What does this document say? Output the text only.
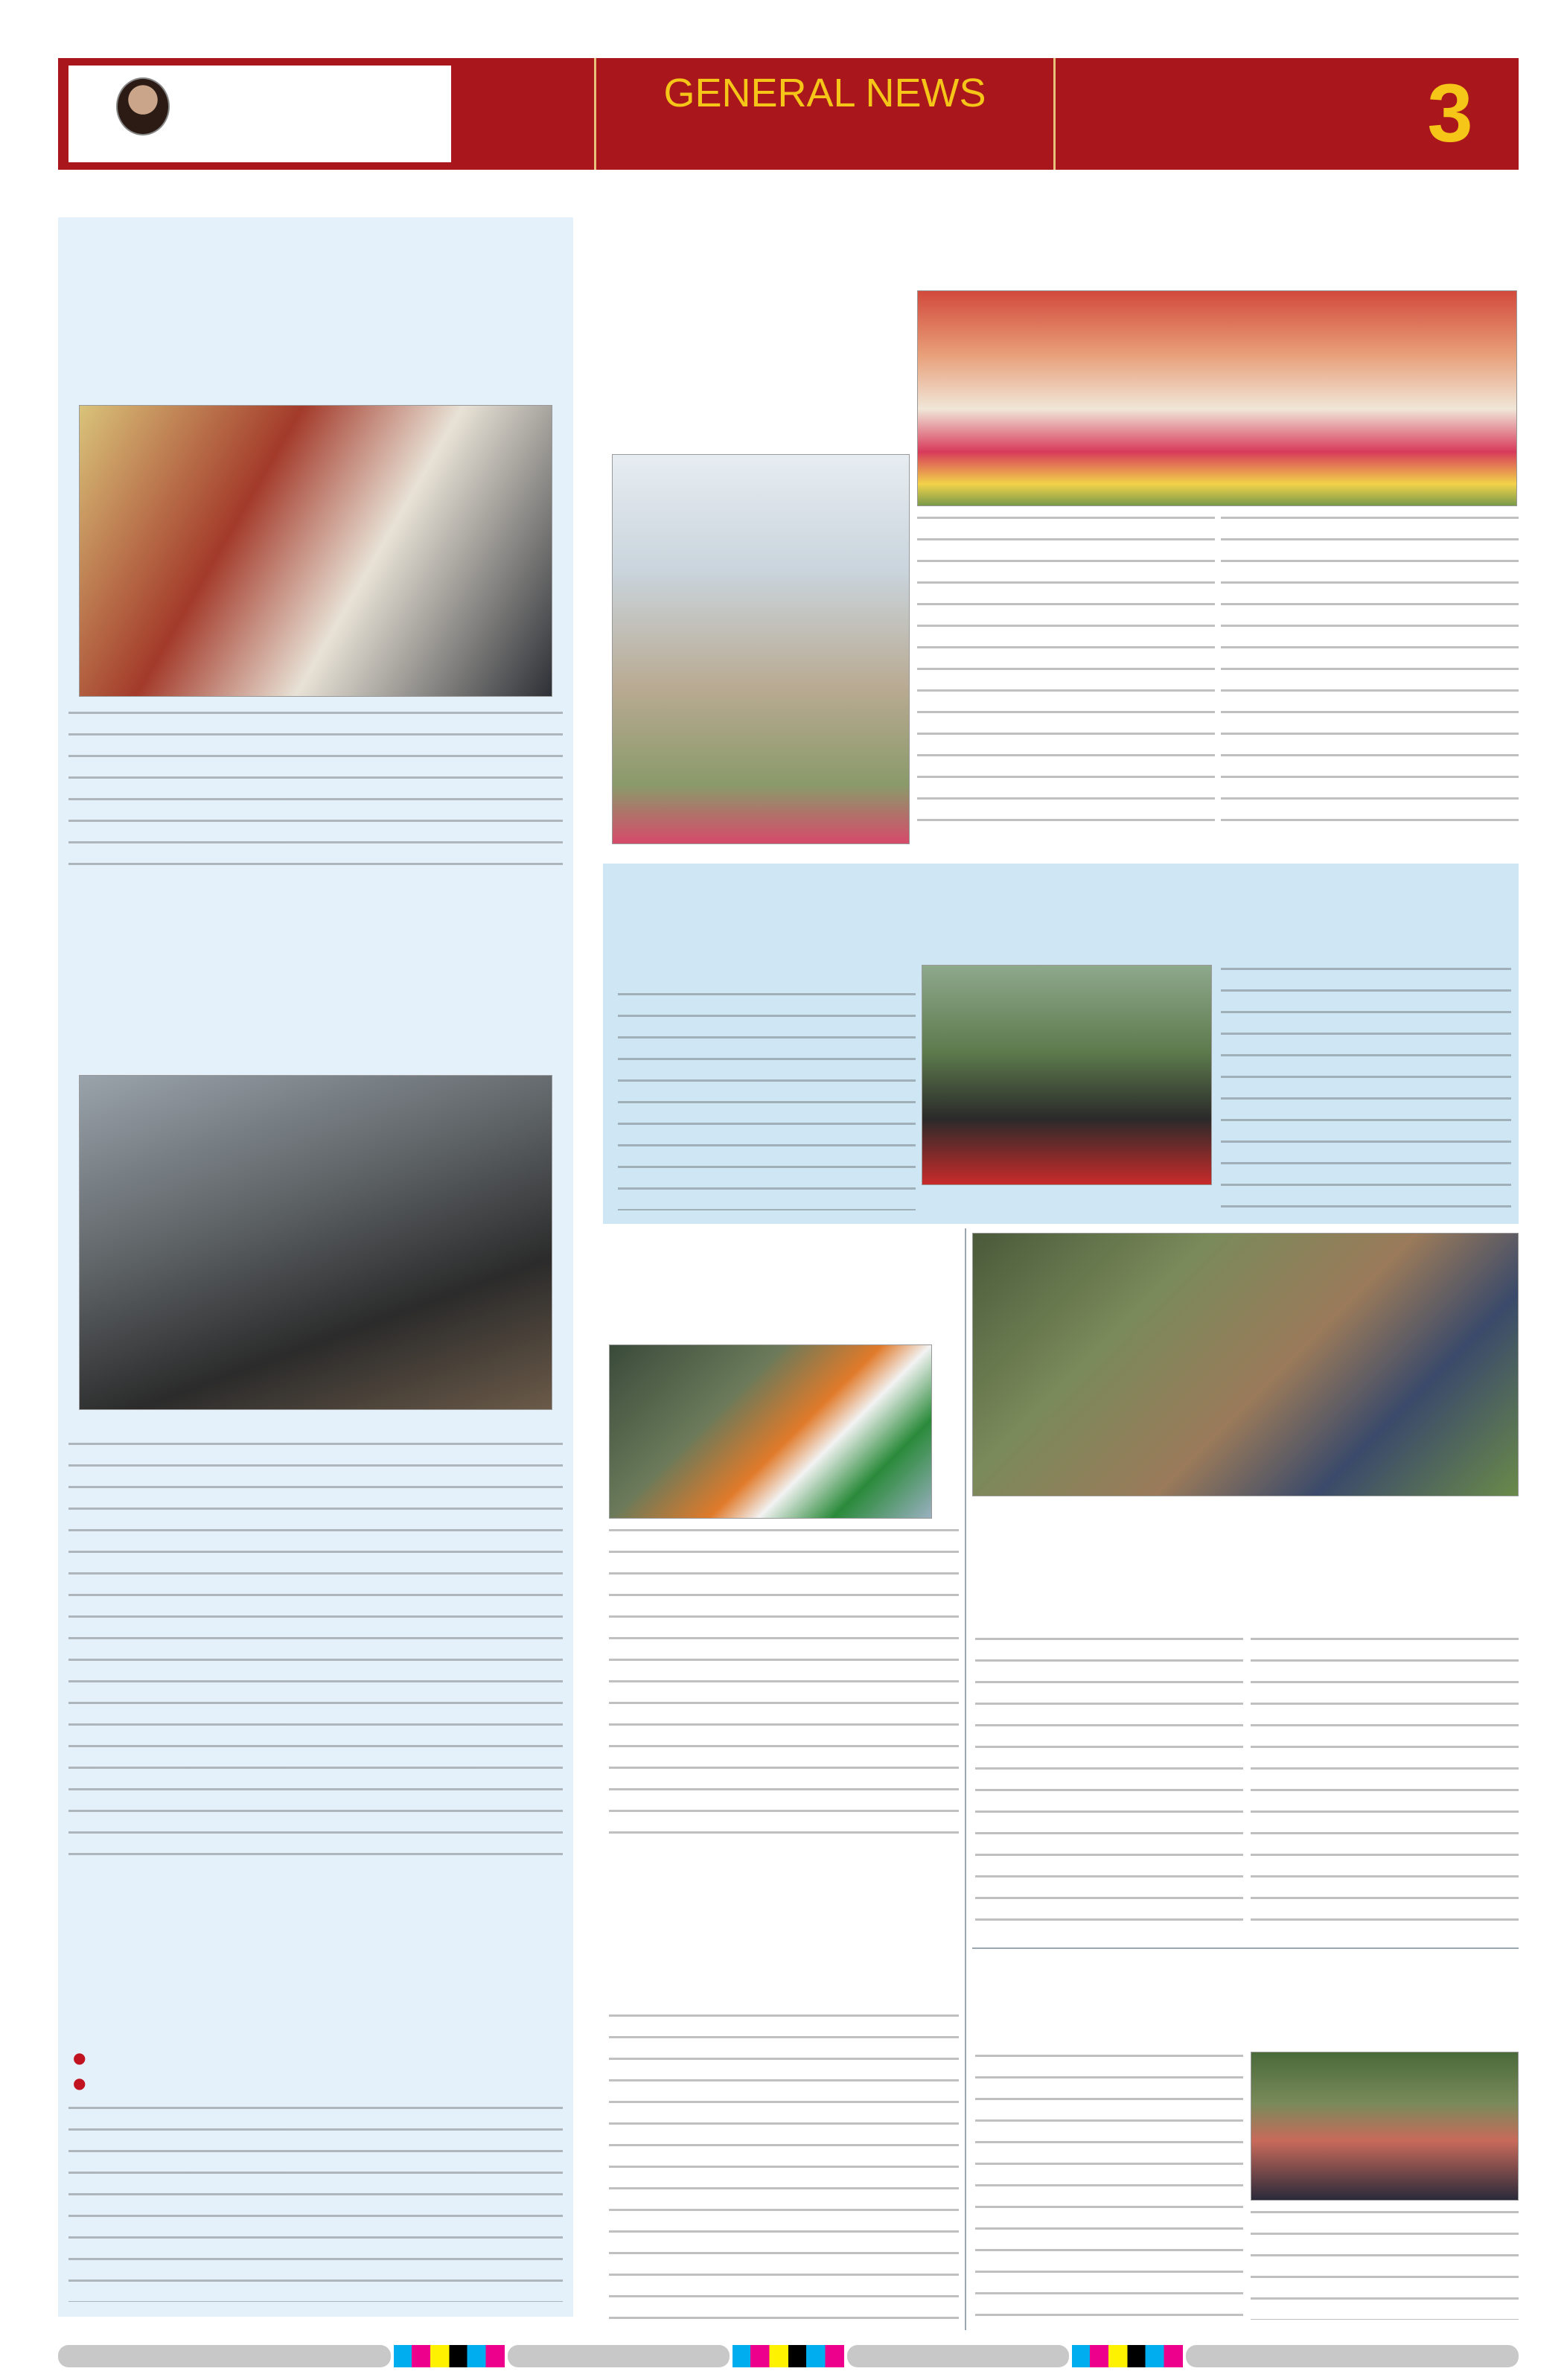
GENERAL NEWS	3
●
●
